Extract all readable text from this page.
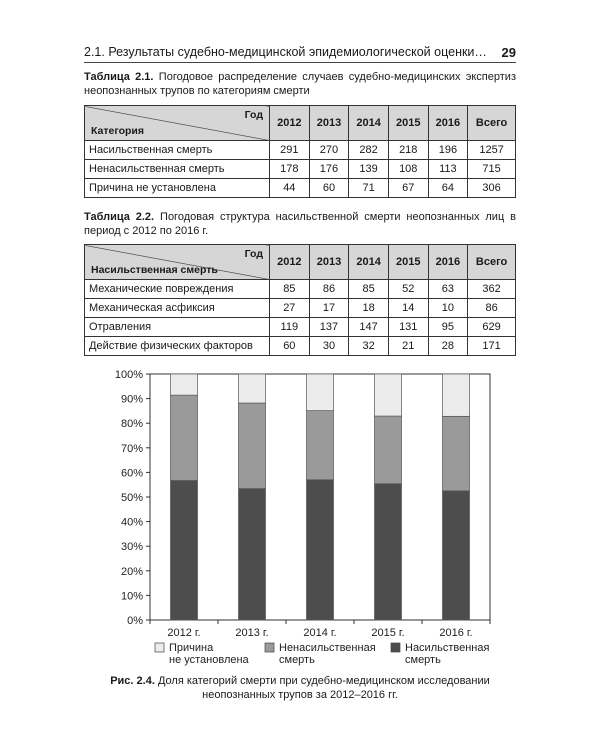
2.1. Результаты судебно-медицинской эпидемиологической оценки… 29
Таблица 2.1. Погодовое распределение случаев судебно-медицинских экспертиз неопознанных трупов по категориям смерти
Год
Категория	2012	2013	2014	2015	2016	Всего
Насильственная смерть	291	270	282	218	196	1257
Ненасильственная смерть	178	176	139	108	113	715
Причина не установлена	44	60	71	67	64	306
Таблица 2.2. Погодовая структура насильственной смерти неопознанных лиц в период с 2012 по 2016 г.
Год
Насильственная смерть	2012	2013	2014	2015	2016	Всего
Механические повреждения	85	86	85	52	63	362
Механическая асфиксия	27	17	18	14	10	86
Отравления	119	137	147	131	95	629
Действие физических факторов	60	30	32	21	28	171
0%
10%
20%
30%
40%
50%
60%
70%
80%
90%
100%
2012 г.	2013 г.	2014 г.	2015 г.	2016 г.
Причина не установлена
Ненасильственная смерть
Насильственная смерть
Рис. 2.4. Доля категорий смерти при судебно-медицинском исследовании неопознанных трупов за 2012–2016 гг.
